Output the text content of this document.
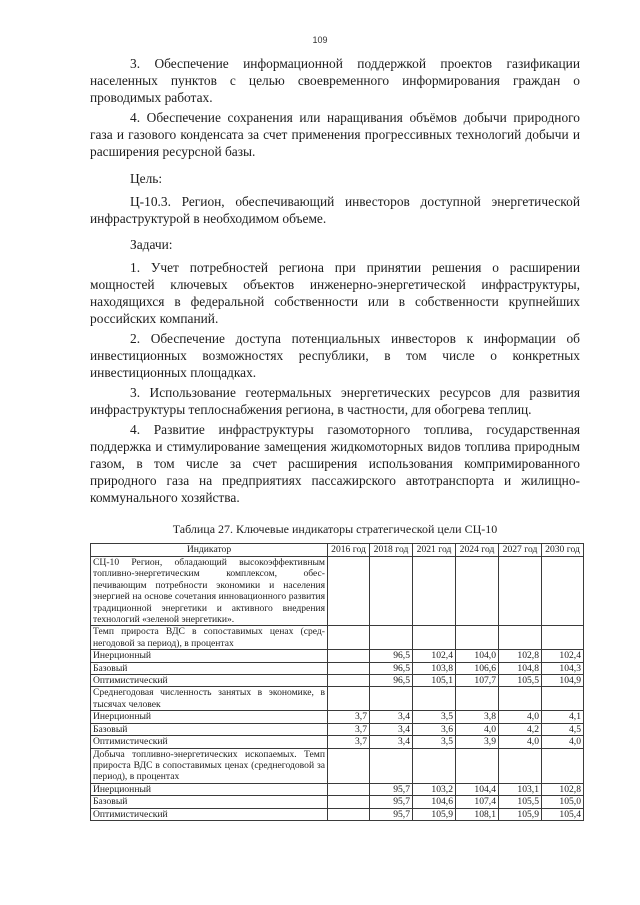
109

3. Обеспечение информационной поддержкой проектов газификации населенных пунктов с целью своевременного информирования граждан о проводимых работах.

4. Обеспечение сохранения или наращивания объёмов добычи природного газа и газового конденсата за счет применения прогрессивных технологий добычи и расширения ресурсной базы.

Цель:

Ц-10.3. Регион, обеспечивающий инвесторов доступной энергетической инфраструктурой в необходимом объеме.

Задачи:

1. Учет потребностей региона при принятии решения о расширении мощностей ключевых объектов инженерно-энергетической инфраструктуры, находящихся в федеральной собственности или в собственности крупнейших российских компаний.

2. Обеспечение доступа потенциальных инвесторов к информации об инвестиционных возможностях республики, в том числе о конкретных инвестиционных площадках.

3. Использование геотермальных энергетических ресурсов для развития инфраструктуры теплоснабжения региона, в частности, для обогрева теплиц.

4. Развитие инфраструктуры газомоторного топлива, государственная поддержка и стимулирование замещения жидкомоторных видов топлива природным газом, в том числе за счет расширения использования компримированного природного газа на предприятиях пассажирского автотранспорта и жилищно-коммунального хозяйства.

Таблица 27. Ключевые индикаторы стратегической цели СЦ-10
Индикатор	2016 год	2018 год	2021 год	2024 год	2027 год	2030 год
СЦ-10 Регион, обладающий высокоэффективным топливно-энергетическим комплексом, обеспечивающим потребности экономики и населения энергией на основе сочетания инновационного развития традиционной энергетики и активного внедрения технологий «зеленой энергетики».						
Темп прироста ВДС в сопоставимых ценах (среднегодовой за период), в процентах						
Инерционный		96,5	102,4	104,0	102,8	102,4
Базовый		96,5	103,8	106,6	104,8	104,3
Оптимистический		96,5	105,1	107,7	105,5	104,9
Среднегодовая численность занятых в экономике, в тысячах человек						
Инерционный	3,7	3,4	3,5	3,8	4,0	4,1
Базовый	3,7	3,4	3,6	4,0	4,2	4,5
Оптимистический	3,7	3,4	3,5	3,9	4,0	4,0
Добыча топливно-энергетических ископаемых. Темп прироста ВДС в сопоставимых ценах (среднегодовой за период), в процентах						
Инерционный		95,7	103,2	104,4	103,1	102,8
Базовый		95,7	104,6	107,4	105,5	105,0
Оптимистический		95,7	105,9	108,1	105,9	105,4
